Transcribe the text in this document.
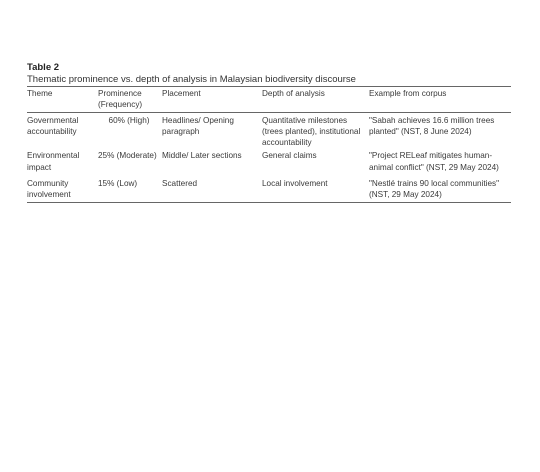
Table 2

Thematic prominence vs. depth of analysis in Malaysian biodiversity discourse

Theme	Prominence (Frequency)	Placement	Depth of analysis	Example from corpus
Governmental accountability	60% (High)	Headlines/ Opening paragraph	Quantitative milestones (trees planted), institutional accountability	"Sabah achieves 16.6 million trees planted" (NST, 8 June 2024)
Environmental impact	25% (Moderate)	Middle/ Later sections	General claims	"Project RELeaf mitigates human-animal conflict" (NST, 29 May 2024)
Community involvement	15% (Low)	Scattered	Local involvement	"Nestlé trains 90 local communities" (NST, 29 May 2024)
